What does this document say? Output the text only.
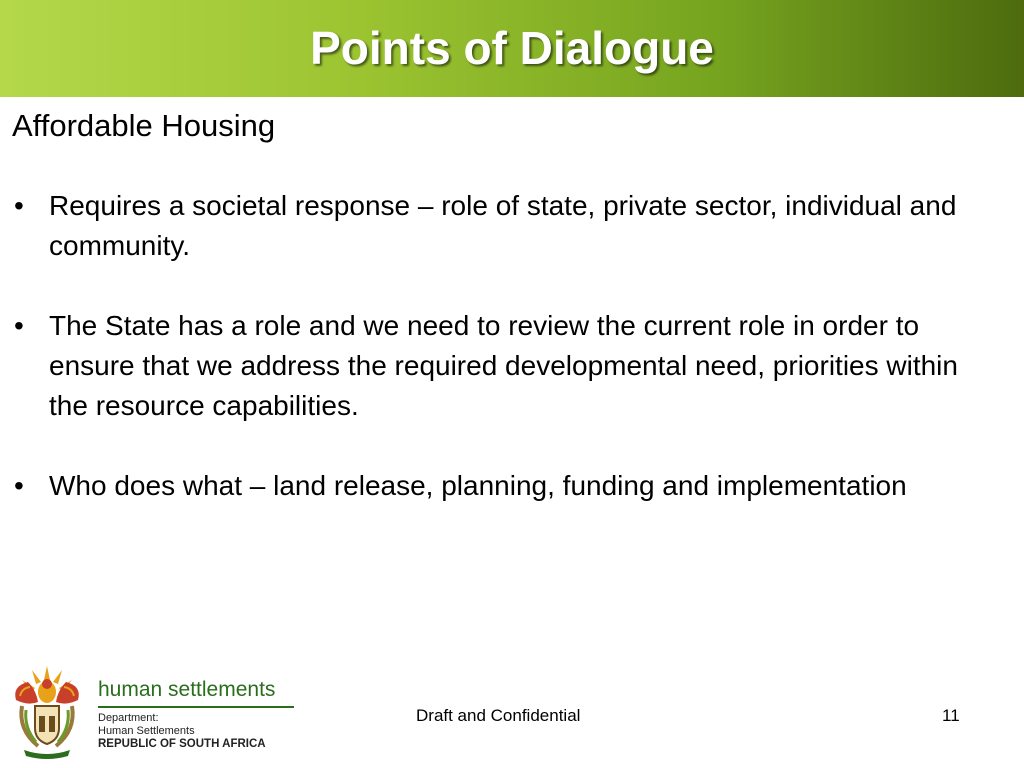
Points of Dialogue
Affordable Housing
• Requires a societal response – role of state, private sector, individual and community.
• The State has a role and we need to review the current role in order to ensure that we address the required developmental need, priorities within the resource capabilities.
• Who does what – land release, planning, funding and implementation
human settlements
Department:
Human Settlements
REPUBLIC OF SOUTH AFRICA
Draft and Confidential	11
